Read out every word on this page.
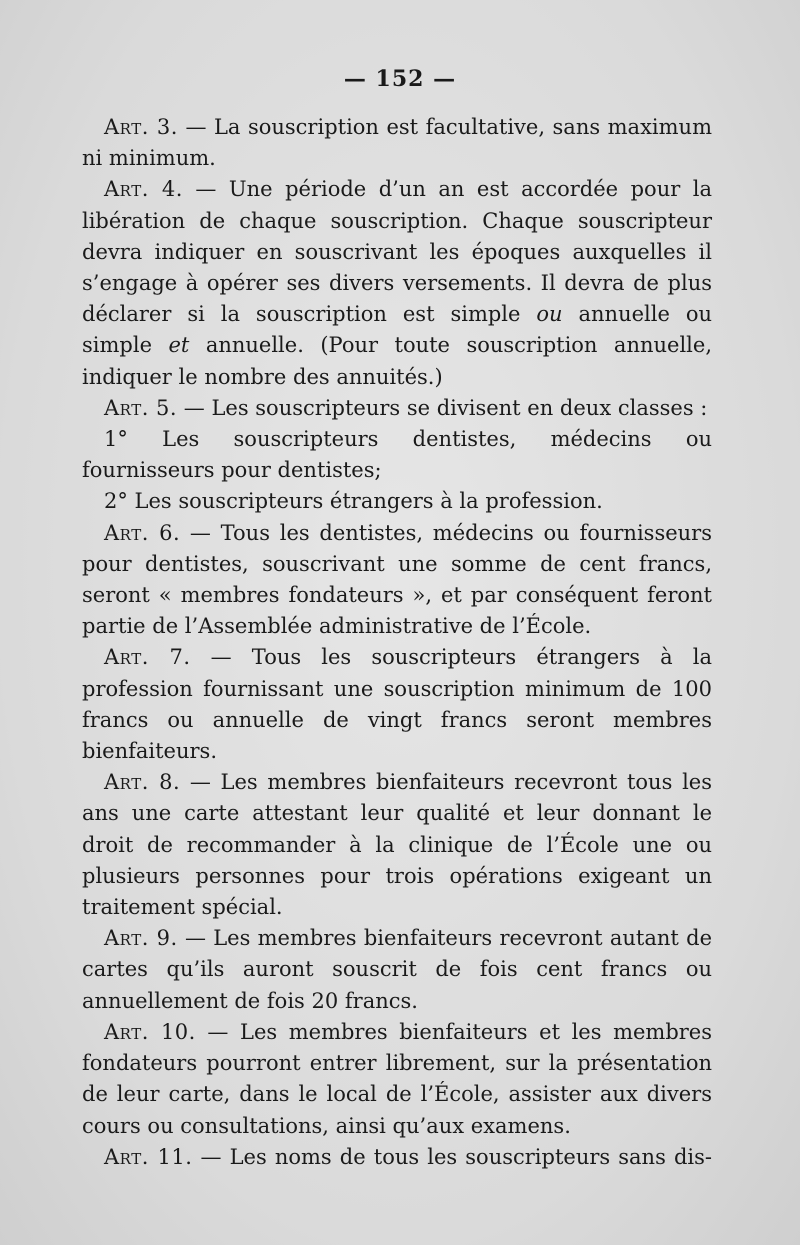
— 152 —

Art. 3. — La souscription est facultative, sans maximum ni minimum.

Art. 4. — Une période d’un an est accordée pour la libération de chaque souscription. Chaque souscripteur devra indiquer en souscrivant les époques auxquelles il s’engage à opérer ses divers versements. Il devra de plus déclarer si la souscription est simple ou annuelle ou simple et annuelle. (Pour toute souscription annuelle, indiquer le nombre des annuités.)

Art. 5. — Les souscripteurs se divisent en deux classes :

1° Les souscripteurs dentistes, médecins ou fournisseurs pour dentistes;

2° Les souscripteurs étrangers à la profession.

Art. 6. — Tous les dentistes, médecins ou fournisseurs pour dentistes, souscrivant une somme de cent francs, seront « membres fondateurs », et par conséquent feront partie de l’Assemblée administrative de l’École.

Art. 7. — Tous les souscripteurs étrangers à la profession fournissant une souscription minimum de 100 francs ou annuelle de vingt francs seront membres bienfaiteurs.

Art. 8. — Les membres bienfaiteurs recevront tous les ans une carte attestant leur qualité et leur donnant le droit de recommander à la clinique de l’École une ou plusieurs personnes pour trois opérations exigeant un traitement spécial.

Art. 9. — Les membres bienfaiteurs recevront autant de cartes qu’ils auront souscrit de fois cent francs ou annuellement de fois 20 francs.

Art. 10. — Les membres bienfaiteurs et les membres fondateurs pourront entrer librement, sur la présentation de leur carte, dans le local de l’École, assister aux divers cours ou consultations, ainsi qu’aux examens.

Art. 11. — Les noms de tous les souscripteurs sans dis-
